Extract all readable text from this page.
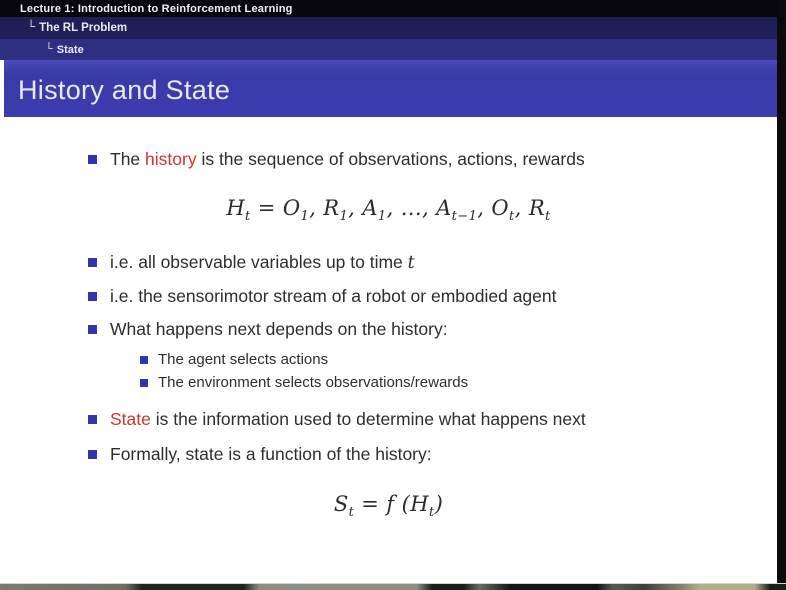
Lecture 1: Introduction to Reinforcement Learning
└ The RL Problem
└ State
History and State
The history is the sequence of observations, actions, rewards
$H_t = O_1$, $R_1$, $A_1$, ..., $A_{t-1}$, $O_t$, $R_t$
i.e. all observable variables up to time t
i.e. the sensorimotor stream of a robot or embodied agent
What happens next depends on the history:
The agent selects actions
The environment selects observations/rewards
State is the information used to determine what happens next
Formally, state is a function of the history:
$S_t = f$ $(H_t)$
